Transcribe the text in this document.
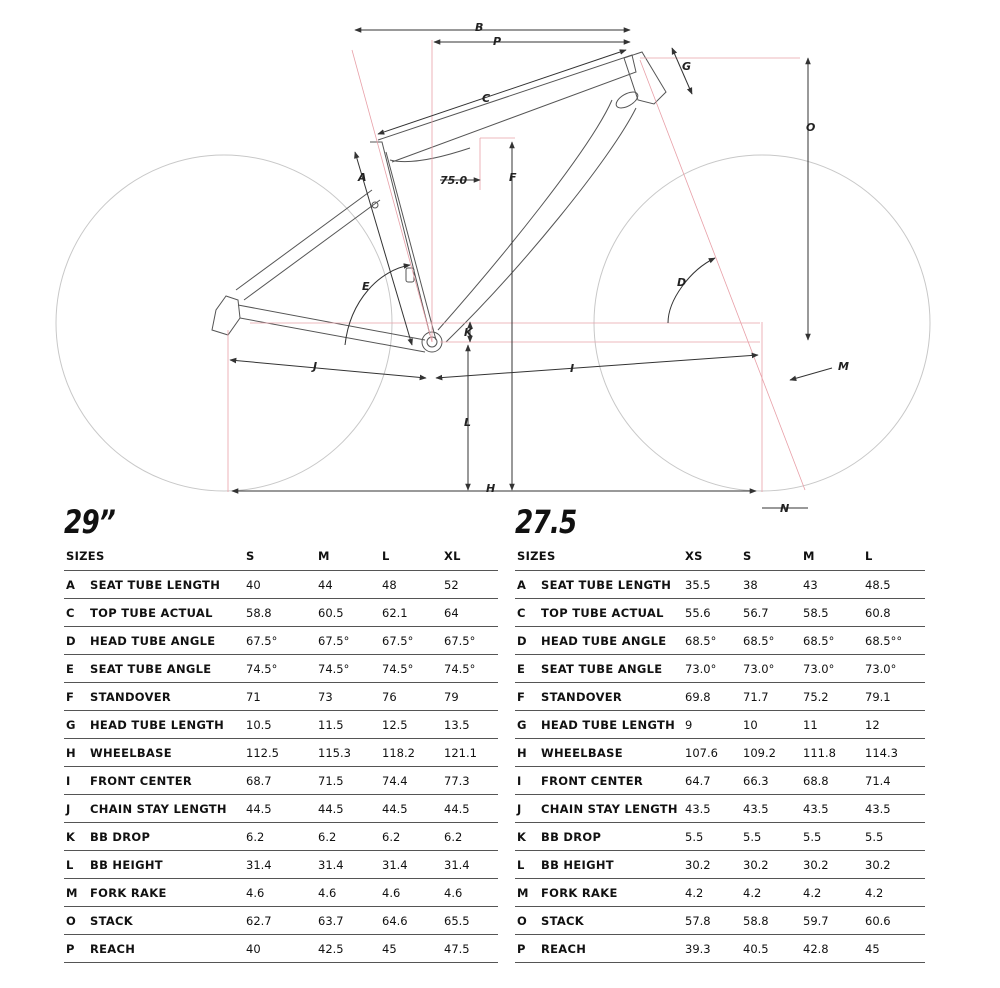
B
P
C
G
O
F
75.0
A
E	D
K
J	I	M
L
H
N
29”
SIZES		S	M	L	XL
A	SEAT TUBE LENGTH	40	44	48	52
C	TOP TUBE ACTUAL	58.8	60.5	62.1	64
D	HEAD TUBE ANGLE	67.5°	67.5°	67.5°	67.5°
E	SEAT TUBE ANGLE	74.5°	74.5°	74.5°	74.5°
F	STANDOVER	71	73	76	79
G	HEAD TUBE LENGTH	10.5	11.5	12.5	13.5
H	WHEELBASE	112.5	115.3	118.2	121.1
I	FRONT CENTER	68.7	71.5	74.4	77.3
J	CHAIN STAY LENGTH	44.5	44.5	44.5	44.5
K	BB DROP	6.2	6.2	6.2	6.2
L	BB HEIGHT	31.4	31.4	31.4	31.4
M	FORK RAKE	4.6	4.6	4.6	4.6
O	STACK	62.7	63.7	64.6	65.5
P	REACH	40	42.5	45	47.5
27.5
SIZES		XS	S	M	L
A	SEAT TUBE LENGTH	35.5	38	43	48.5
C	TOP TUBE ACTUAL	55.6	56.7	58.5	60.8
D	HEAD TUBE ANGLE	68.5°	68.5°	68.5°	68.5°°
E	SEAT TUBE ANGLE	73.0°	73.0°	73.0°	73.0°
F	STANDOVER	69.8	71.7	75.2	79.1
G	HEAD TUBE LENGTH	9	10	11	12
H	WHEELBASE	107.6	109.2	111.8	114.3
I	FRONT CENTER	64.7	66.3	68.8	71.4
J	CHAIN STAY LENGTH	43.5	43.5	43.5	43.5
K	BB DROP	5.5	5.5	5.5	5.5
L	BB HEIGHT	30.2	30.2	30.2	30.2
M	FORK RAKE	4.2	4.2	4.2	4.2
O	STACK	57.8	58.8	59.7	60.6
P	REACH	39.3	40.5	42.8	45
